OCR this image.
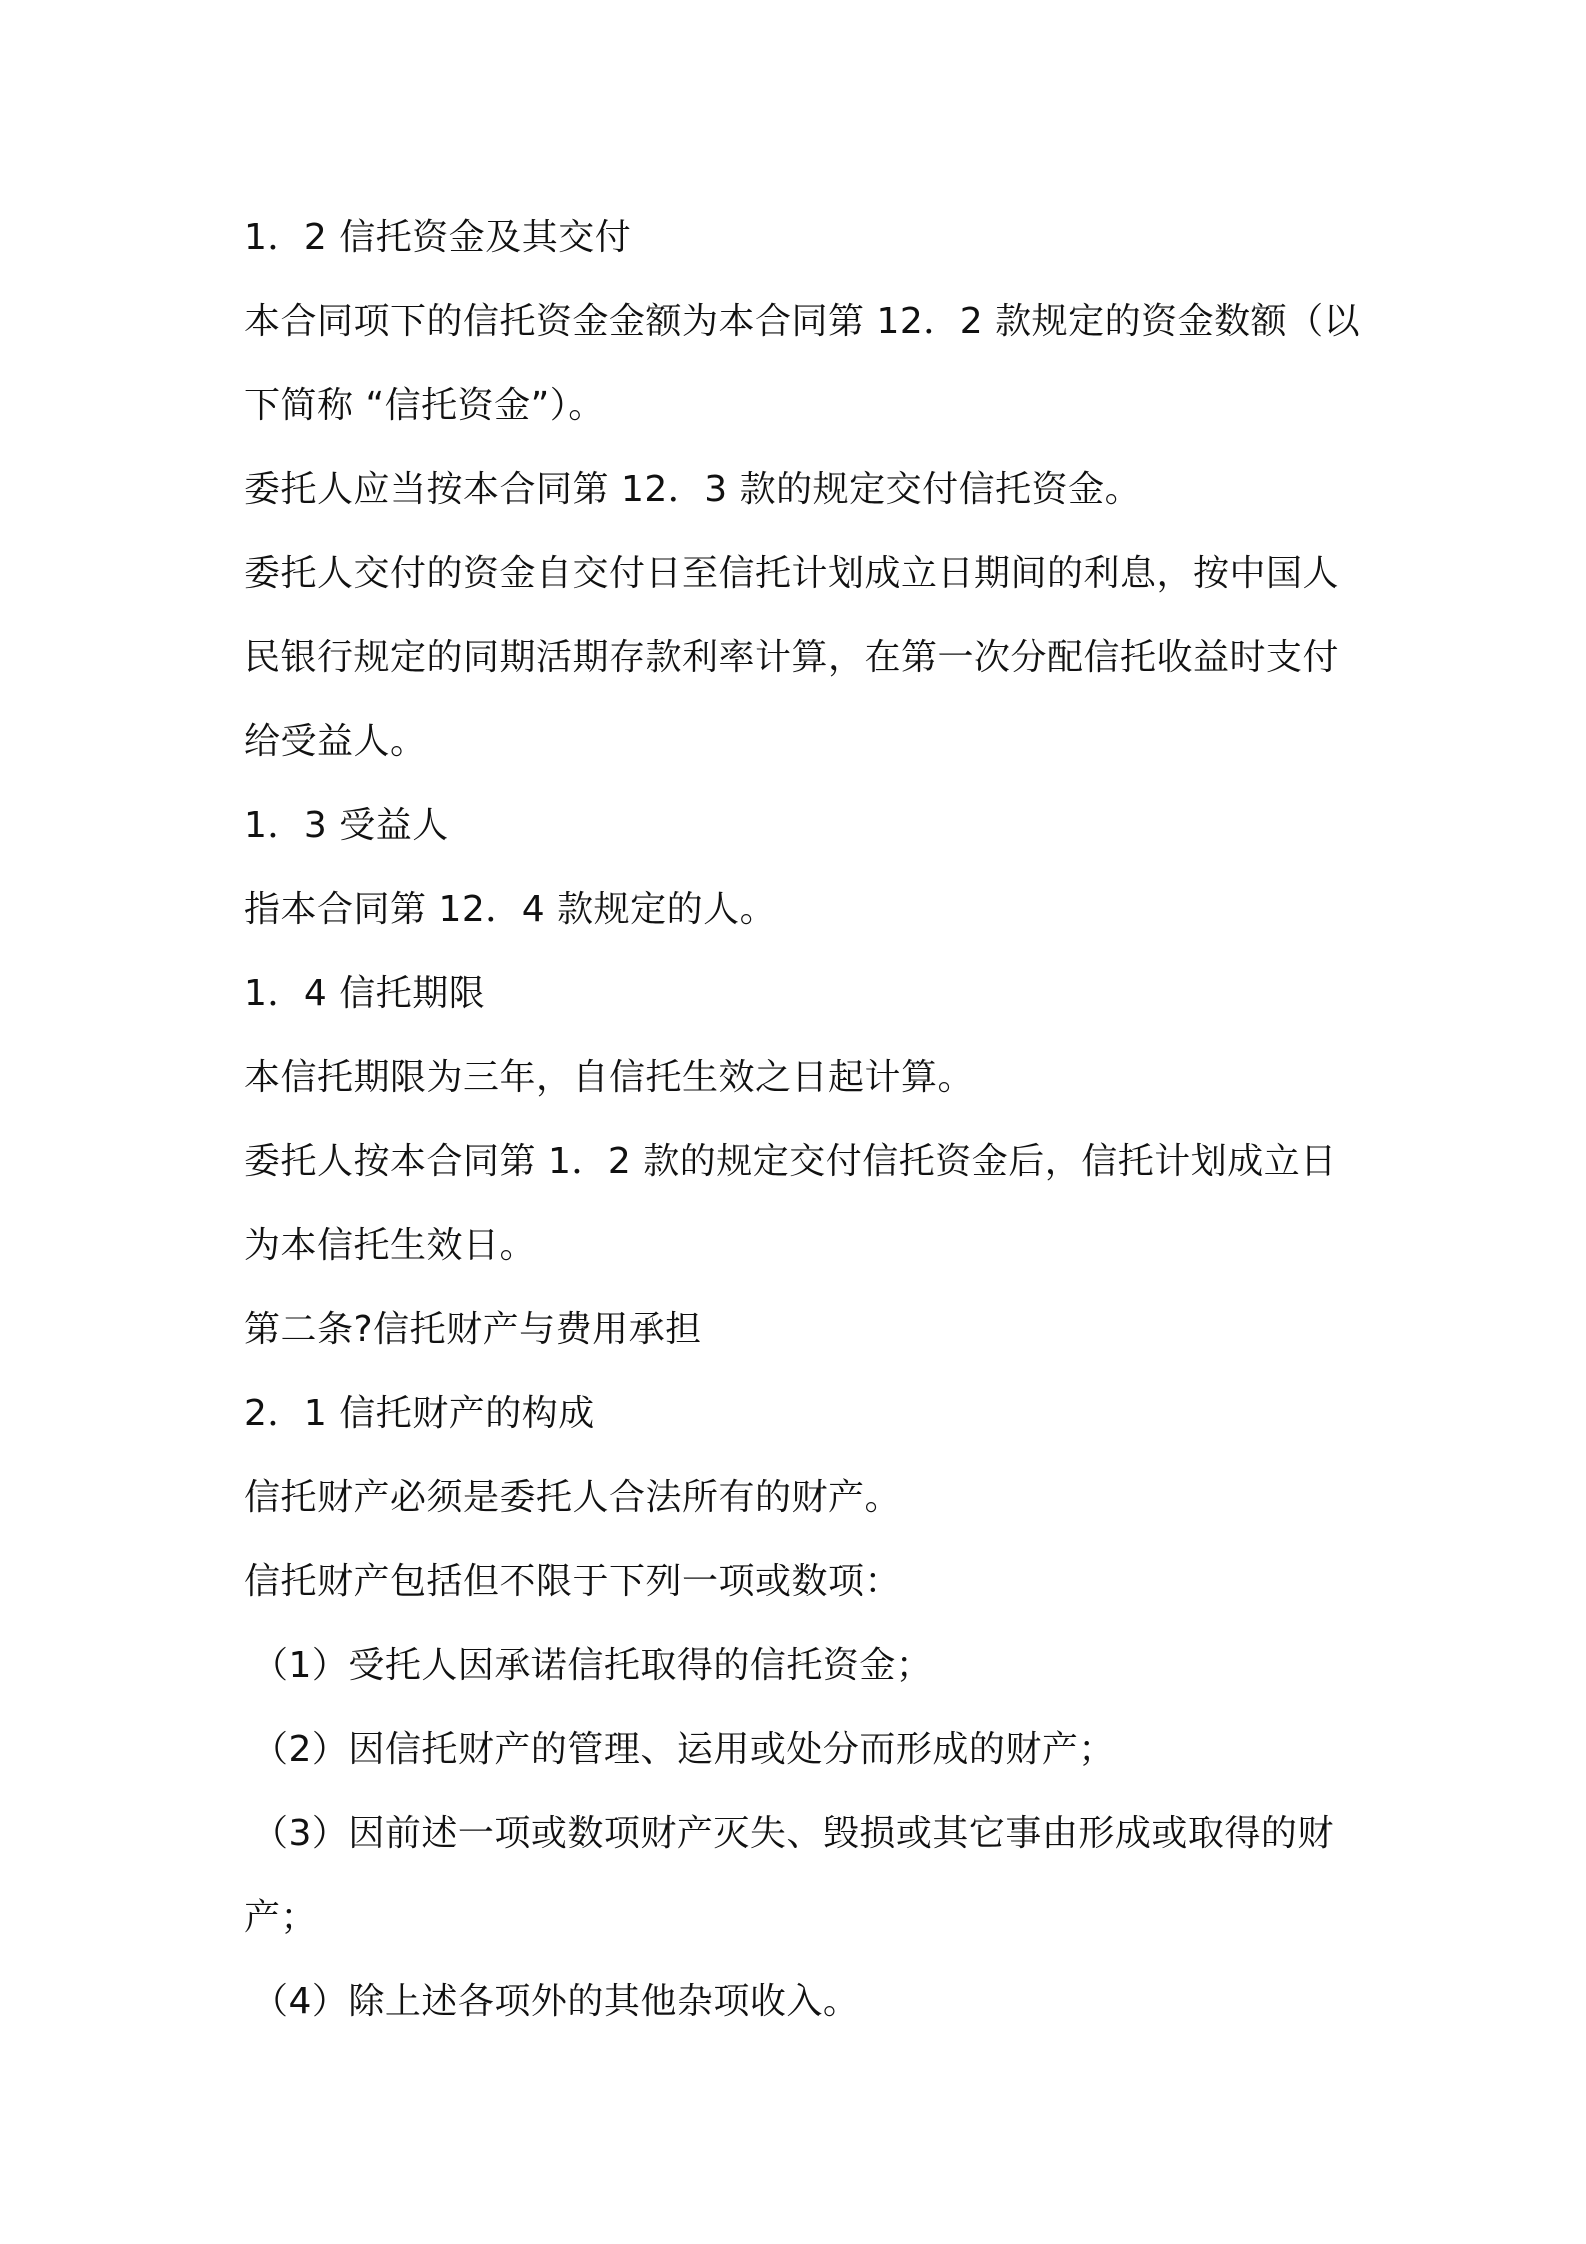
1．2 信托资金及其交付
本合同项下的信托资金金额为本合同第 12．2 款规定的资金数额（以
下简称 “信托资金”）。
委托人应当按本合同第 12．3 款的规定交付信托资金。
委托人交付的资金自交付日至信托计划成立日期间的利息，按中国人
民银行规定的同期活期存款利率计算，在第一次分配信托收益时支付
给受益人。
1．3 受益人
指本合同第 12．4 款规定的人。
1．4 信托期限
本信托期限为三年，自信托生效之日起计算。
委托人按本合同第 1．2 款的规定交付信托资金后，信托计划成立日
为本信托生效日。
第二条?信托财产与费用承担
2．1 信托财产的构成
信托财产必须是委托人合法所有的财产。
信托财产包括但不限于下列一项或数项：
（1）受托人因承诺信托取得的信托资金；
（2）因信托财产的管理、运用或处分而形成的财产；
（3）因前述一项或数项财产灭失、毁损或其它事由形成或取得的财
产；
（4）除上述各项外的其他杂项收入。
